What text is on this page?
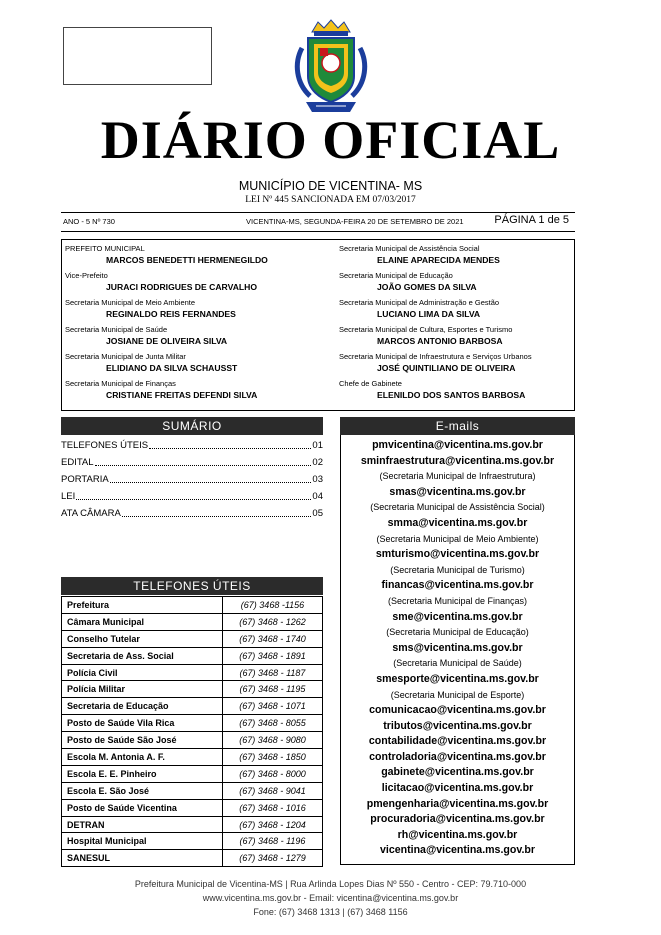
DIÁRIO OFICIAL
MUNICÍPIO DE VICENTINA- MS
LEI Nº 445 SANCIONADA EM 07/03/2017
ANO - 5 Nº 730	VICENTINA-MS, SEGUNDA-FEIRA 20 DE SETEMBRO DE 2021	PÁGINA 1 de 5
PREFEITO MUNICIPAL
MARCOS BENEDETTI HERMENEGILDO
Vice-Prefeito
JURACI RODRIGUES DE CARVALHO
Secretaria Municipal de Meio Ambiente
REGINALDO REIS FERNANDES
Secretaria Municipal de Saúde
JOSIANE DE OLIVEIRA SILVA
Secretaria Municipal de Junta Militar
ELIDIANO DA SILVA SCHAUSST
Secretaria Municipal de Finanças
CRISTIANE FREITAS DEFENDI SILVA
Secretaria Municipal de Assistência Social
ELAINE APARECIDA MENDES
Secretaria Municipal de Educação
JOÃO GOMES DA SILVA
Secretaria Municipal de Administração e Gestão
LUCIANO LIMA DA SILVA
Secretaria Municipal de Cultura, Esportes e Turismo
MARCOS ANTONIO BARBOSA
Secretaria Municipal de Infraestrutura e Serviços Urbanos
JOSÉ QUINTILIANO DE OLIVEIRA
Chefe de Gabinete
ELENILDO DOS SANTOS BARBOSA
SUMÁRIO
TELEFONES ÚTEIS	01
EDITAL	02
PORTARIA	03
LEI	04
ATA CÂMARA	05
TELEFONES ÚTEIS
Prefeitura	(67) 3468 -1156
Câmara Municipal	(67) 3468 - 1262
Conselho Tutelar	(67) 3468 - 1740
Secretaria de Ass. Social	(67) 3468 - 1891
Polícia Civil	(67) 3468 - 1187
Polícia Militar	(67) 3468 - 1195
Secretaria de Educação	(67) 3468 - 1071
Posto de Saúde Vila Rica	(67) 3468 - 8055
Posto de Saúde São José	(67) 3468 - 9080
Escola M. Antonia A. F.	(67) 3468 - 1850
Escola E. E. Pinheiro	(67) 3468 - 8000
Escola E. São José	(67) 3468 - 9041
Posto de Saúde Vicentina	(67) 3468 - 1016
DETRAN	(67) 3468 - 1204
Hospital Municipal	(67) 3468 - 1196
SANESUL	(67) 3468 - 1279
E-mails
pmvicentina@vicentina.ms.gov.br
sminfraestrutura@vicentina.ms.gov.br
(Secretaria Municipal de Infraestrutura)
smas@vicentina.ms.gov.br
(Secretaria Municipal de Assistência Social)
smma@vicentina.ms.gov.br
(Secretaria Municipal de Meio Ambiente)
smturismo@vicentina.ms.gov.br
(Secretaria Municipal de Turismo)
financas@vicentina.ms.gov.br
(Secretaria Municipal de Finanças)
sme@vicentina.ms.gov.br
(Secretaria Municipal de Educação)
sms@vicentina.ms.gov.br
(Secretaria Municipal de Saúde)
smesporte@vicentina.ms.gov.br
(Secretaria Municipal de Esporte)
comunicacao@vicentina.ms.gov.br
tributos@vicentina.ms.gov.br
contabilidade@vicentina.ms.gov.br
controladoria@vicentina.ms.gov.br
gabinete@vicentina.ms.gov.br
licitacao@vicentina.ms.gov.br
pmengenharia@vicentina.ms.gov.br
procuradoria@vicentina.ms.gov.br
rh@vicentina.ms.gov.br
vicentina@vicentina.ms.gov.br
Prefeitura Municipal de Vicentina-MS | Rua Arlinda Lopes Dias Nº 550 - Centro - CEP: 79.710-000
www.vicentina.ms.gov.br - Email: vicentina@vicentina.ms.gov.br
Fone: (67) 3468 1313 | (67) 3468 1156
